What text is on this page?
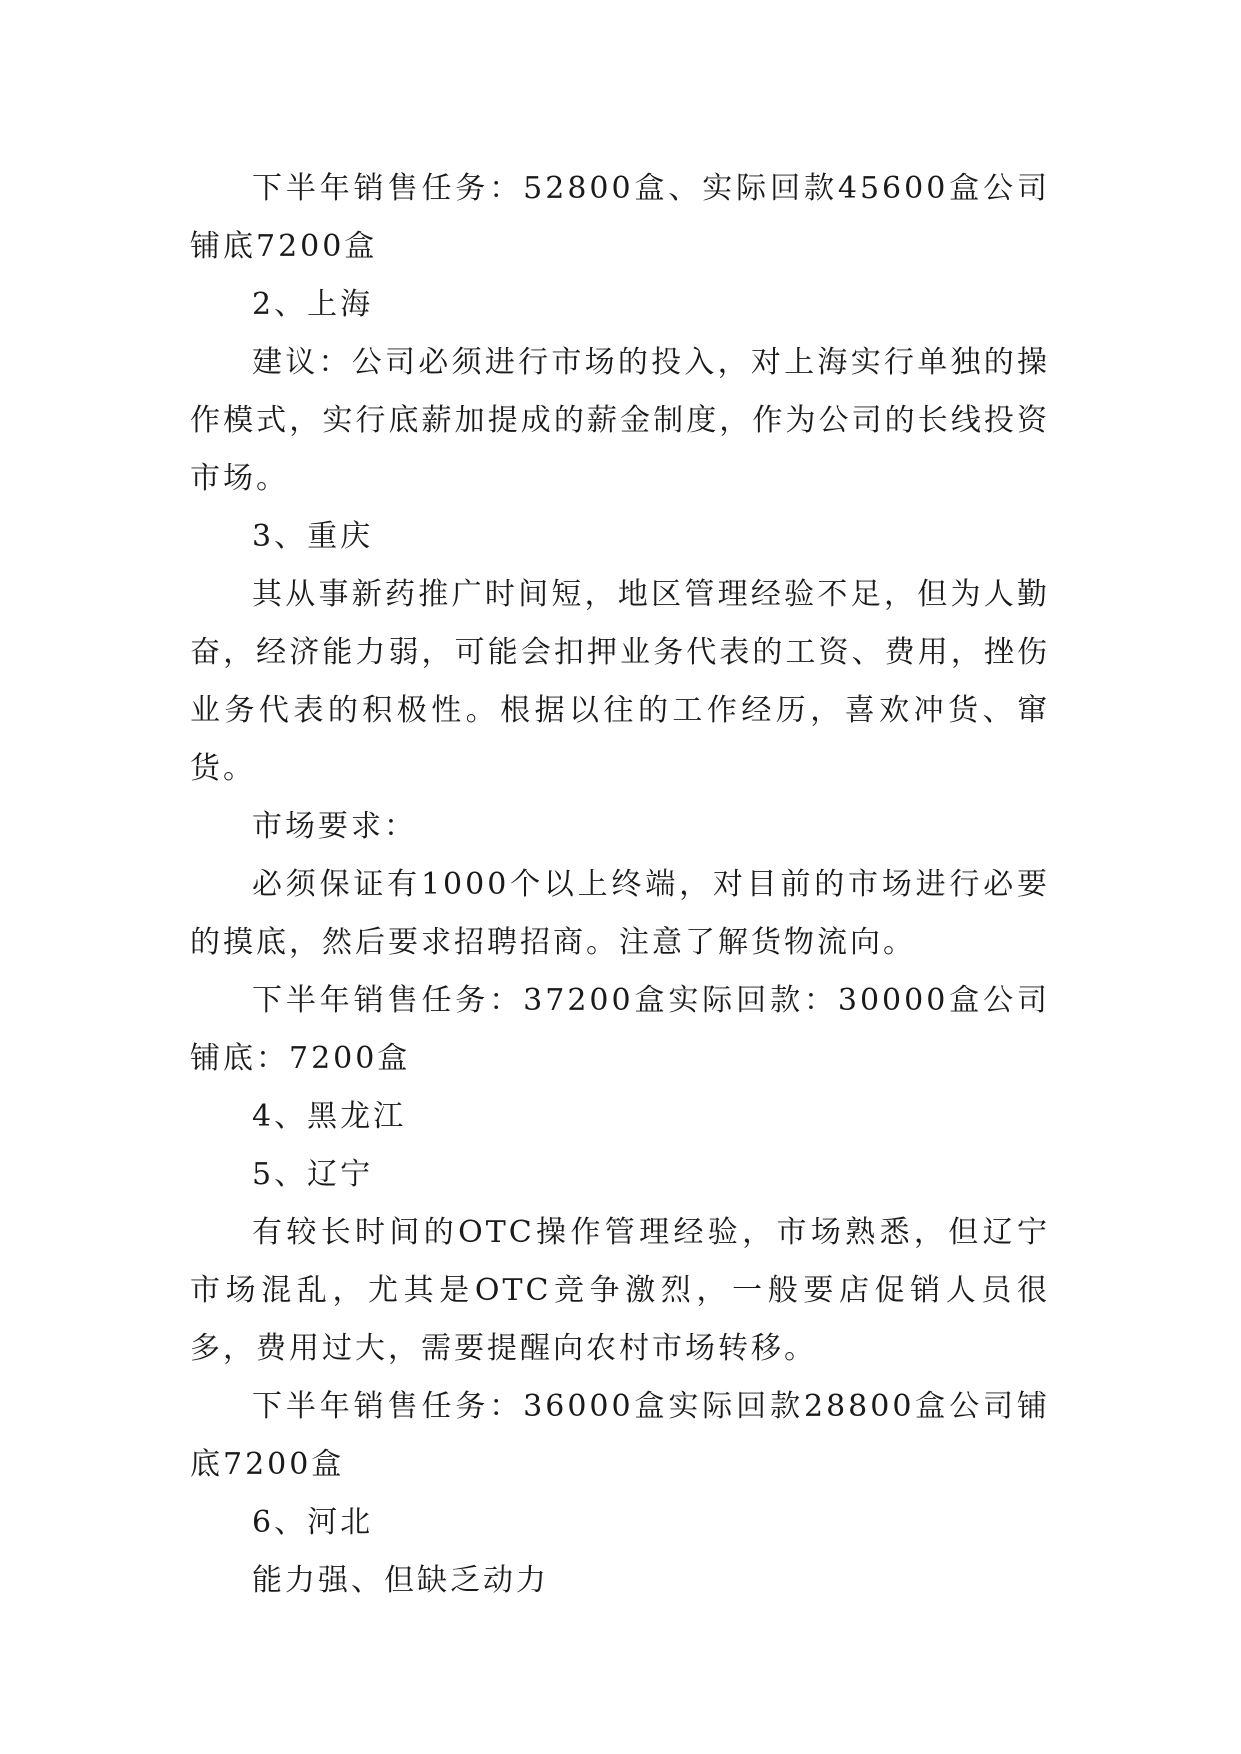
下半年销售任务：52800盒、实际回款45600盒公司铺底7200盒

2、上海

建议：公司必须进行市场的投入，对上海实行单独的操作模式，实行底薪加提成的薪金制度，作为公司的长线投资市场。

3、重庆

其从事新药推广时间短，地区管理经验不足，但为人勤奋，经济能力弱，可能会扣押业务代表的工资、费用，挫伤业务代表的积极性。根据以往的工作经历，喜欢冲货、窜货。

市场要求：

必须保证有1000个以上终端，对目前的市场进行必要的摸底，然后要求招聘招商。注意了解货物流向。

下半年销售任务：37200盒实际回款：30000盒公司铺底：7200盒

4、黑龙江

5、辽宁

有较长时间的OTC操作管理经验，市场熟悉，但辽宁市场混乱，尤其是OTC竞争激烈，一般要店促销人员很多，费用过大，需要提醒向农村市场转移。

下半年销售任务：36000盒实际回款28800盒公司铺底7200盒

6、河北

能力强、但缺乏动力
